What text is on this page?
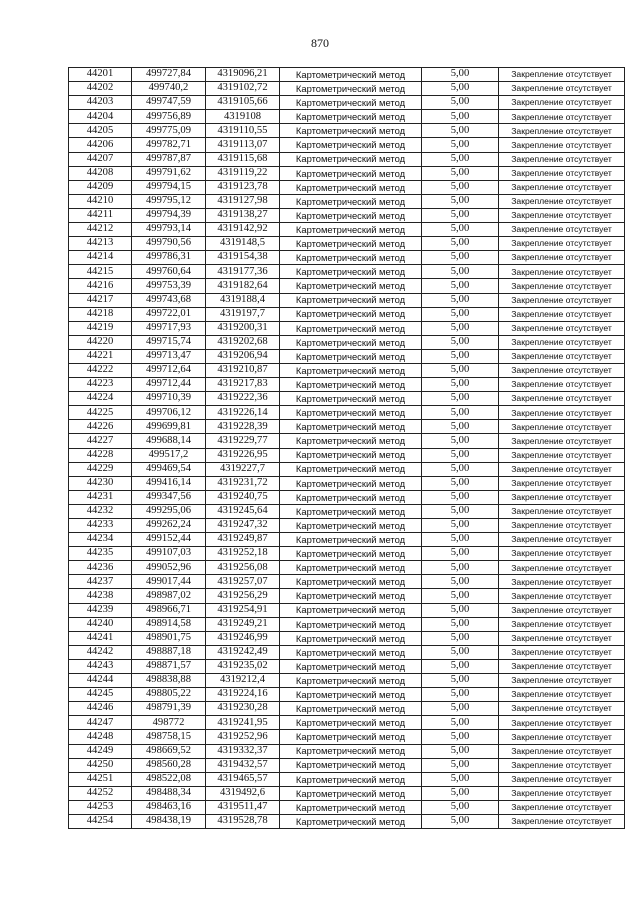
870
44201	499727,84	4319096,21	Картометрический метод	5,00	Закрепление отсутствует
44202	499740,2	4319102,72	Картометрический метод	5,00	Закрепление отсутствует
44203	499747,59	4319105,66	Картометрический метод	5,00	Закрепление отсутствует
44204	499756,89	4319108	Картометрический метод	5,00	Закрепление отсутствует
44205	499775,09	4319110,55	Картометрический метод	5,00	Закрепление отсутствует
44206	499782,71	4319113,07	Картометрический метод	5,00	Закрепление отсутствует
44207	499787,87	4319115,68	Картометрический метод	5,00	Закрепление отсутствует
44208	499791,62	4319119,22	Картометрический метод	5,00	Закрепление отсутствует
44209	499794,15	4319123,78	Картометрический метод	5,00	Закрепление отсутствует
44210	499795,12	4319127,98	Картометрический метод	5,00	Закрепление отсутствует
44211	499794,39	4319138,27	Картометрический метод	5,00	Закрепление отсутствует
44212	499793,14	4319142,92	Картометрический метод	5,00	Закрепление отсутствует
44213	499790,56	4319148,5	Картометрический метод	5,00	Закрепление отсутствует
44214	499786,31	4319154,38	Картометрический метод	5,00	Закрепление отсутствует
44215	499760,64	4319177,36	Картометрический метод	5,00	Закрепление отсутствует
44216	499753,39	4319182,64	Картометрический метод	5,00	Закрепление отсутствует
44217	499743,68	4319188,4	Картометрический метод	5,00	Закрепление отсутствует
44218	499722,01	4319197,7	Картометрический метод	5,00	Закрепление отсутствует
44219	499717,93	4319200,31	Картометрический метод	5,00	Закрепление отсутствует
44220	499715,74	4319202,68	Картометрический метод	5,00	Закрепление отсутствует
44221	499713,47	4319206,94	Картометрический метод	5,00	Закрепление отсутствует
44222	499712,64	4319210,87	Картометрический метод	5,00	Закрепление отсутствует
44223	499712,44	4319217,83	Картометрический метод	5,00	Закрепление отсутствует
44224	499710,39	4319222,36	Картометрический метод	5,00	Закрепление отсутствует
44225	499706,12	4319226,14	Картометрический метод	5,00	Закрепление отсутствует
44226	499699,81	4319228,39	Картометрический метод	5,00	Закрепление отсутствует
44227	499688,14	4319229,77	Картометрический метод	5,00	Закрепление отсутствует
44228	499517,2	4319226,95	Картометрический метод	5,00	Закрепление отсутствует
44229	499469,54	4319227,7	Картометрический метод	5,00	Закрепление отсутствует
44230	499416,14	4319231,72	Картометрический метод	5,00	Закрепление отсутствует
44231	499347,56	4319240,75	Картометрический метод	5,00	Закрепление отсутствует
44232	499295,06	4319245,64	Картометрический метод	5,00	Закрепление отсутствует
44233	499262,24	4319247,32	Картометрический метод	5,00	Закрепление отсутствует
44234	499152,44	4319249,87	Картометрический метод	5,00	Закрепление отсутствует
44235	499107,03	4319252,18	Картометрический метод	5,00	Закрепление отсутствует
44236	499052,96	4319256,08	Картометрический метод	5,00	Закрепление отсутствует
44237	499017,44	4319257,07	Картометрический метод	5,00	Закрепление отсутствует
44238	498987,02	4319256,29	Картометрический метод	5,00	Закрепление отсутствует
44239	498966,71	4319254,91	Картометрический метод	5,00	Закрепление отсутствует
44240	498914,58	4319249,21	Картометрический метод	5,00	Закрепление отсутствует
44241	498901,75	4319246,99	Картометрический метод	5,00	Закрепление отсутствует
44242	498887,18	4319242,49	Картометрический метод	5,00	Закрепление отсутствует
44243	498871,57	4319235,02	Картометрический метод	5,00	Закрепление отсутствует
44244	498838,88	4319212,4	Картометрический метод	5,00	Закрепление отсутствует
44245	498805,22	4319224,16	Картометрический метод	5,00	Закрепление отсутствует
44246	498791,39	4319230,28	Картометрический метод	5,00	Закрепление отсутствует
44247	498772	4319241,95	Картометрический метод	5,00	Закрепление отсутствует
44248	498758,15	4319252,96	Картометрический метод	5,00	Закрепление отсутствует
44249	498669,52	4319332,37	Картометрический метод	5,00	Закрепление отсутствует
44250	498560,28	4319432,57	Картометрический метод	5,00	Закрепление отсутствует
44251	498522,08	4319465,57	Картометрический метод	5,00	Закрепление отсутствует
44252	498488,34	4319492,6	Картометрический метод	5,00	Закрепление отсутствует
44253	498463,16	4319511,47	Картометрический метод	5,00	Закрепление отсутствует
44254	498438,19	4319528,78	Картометрический метод	5,00	Закрепление отсутствует
